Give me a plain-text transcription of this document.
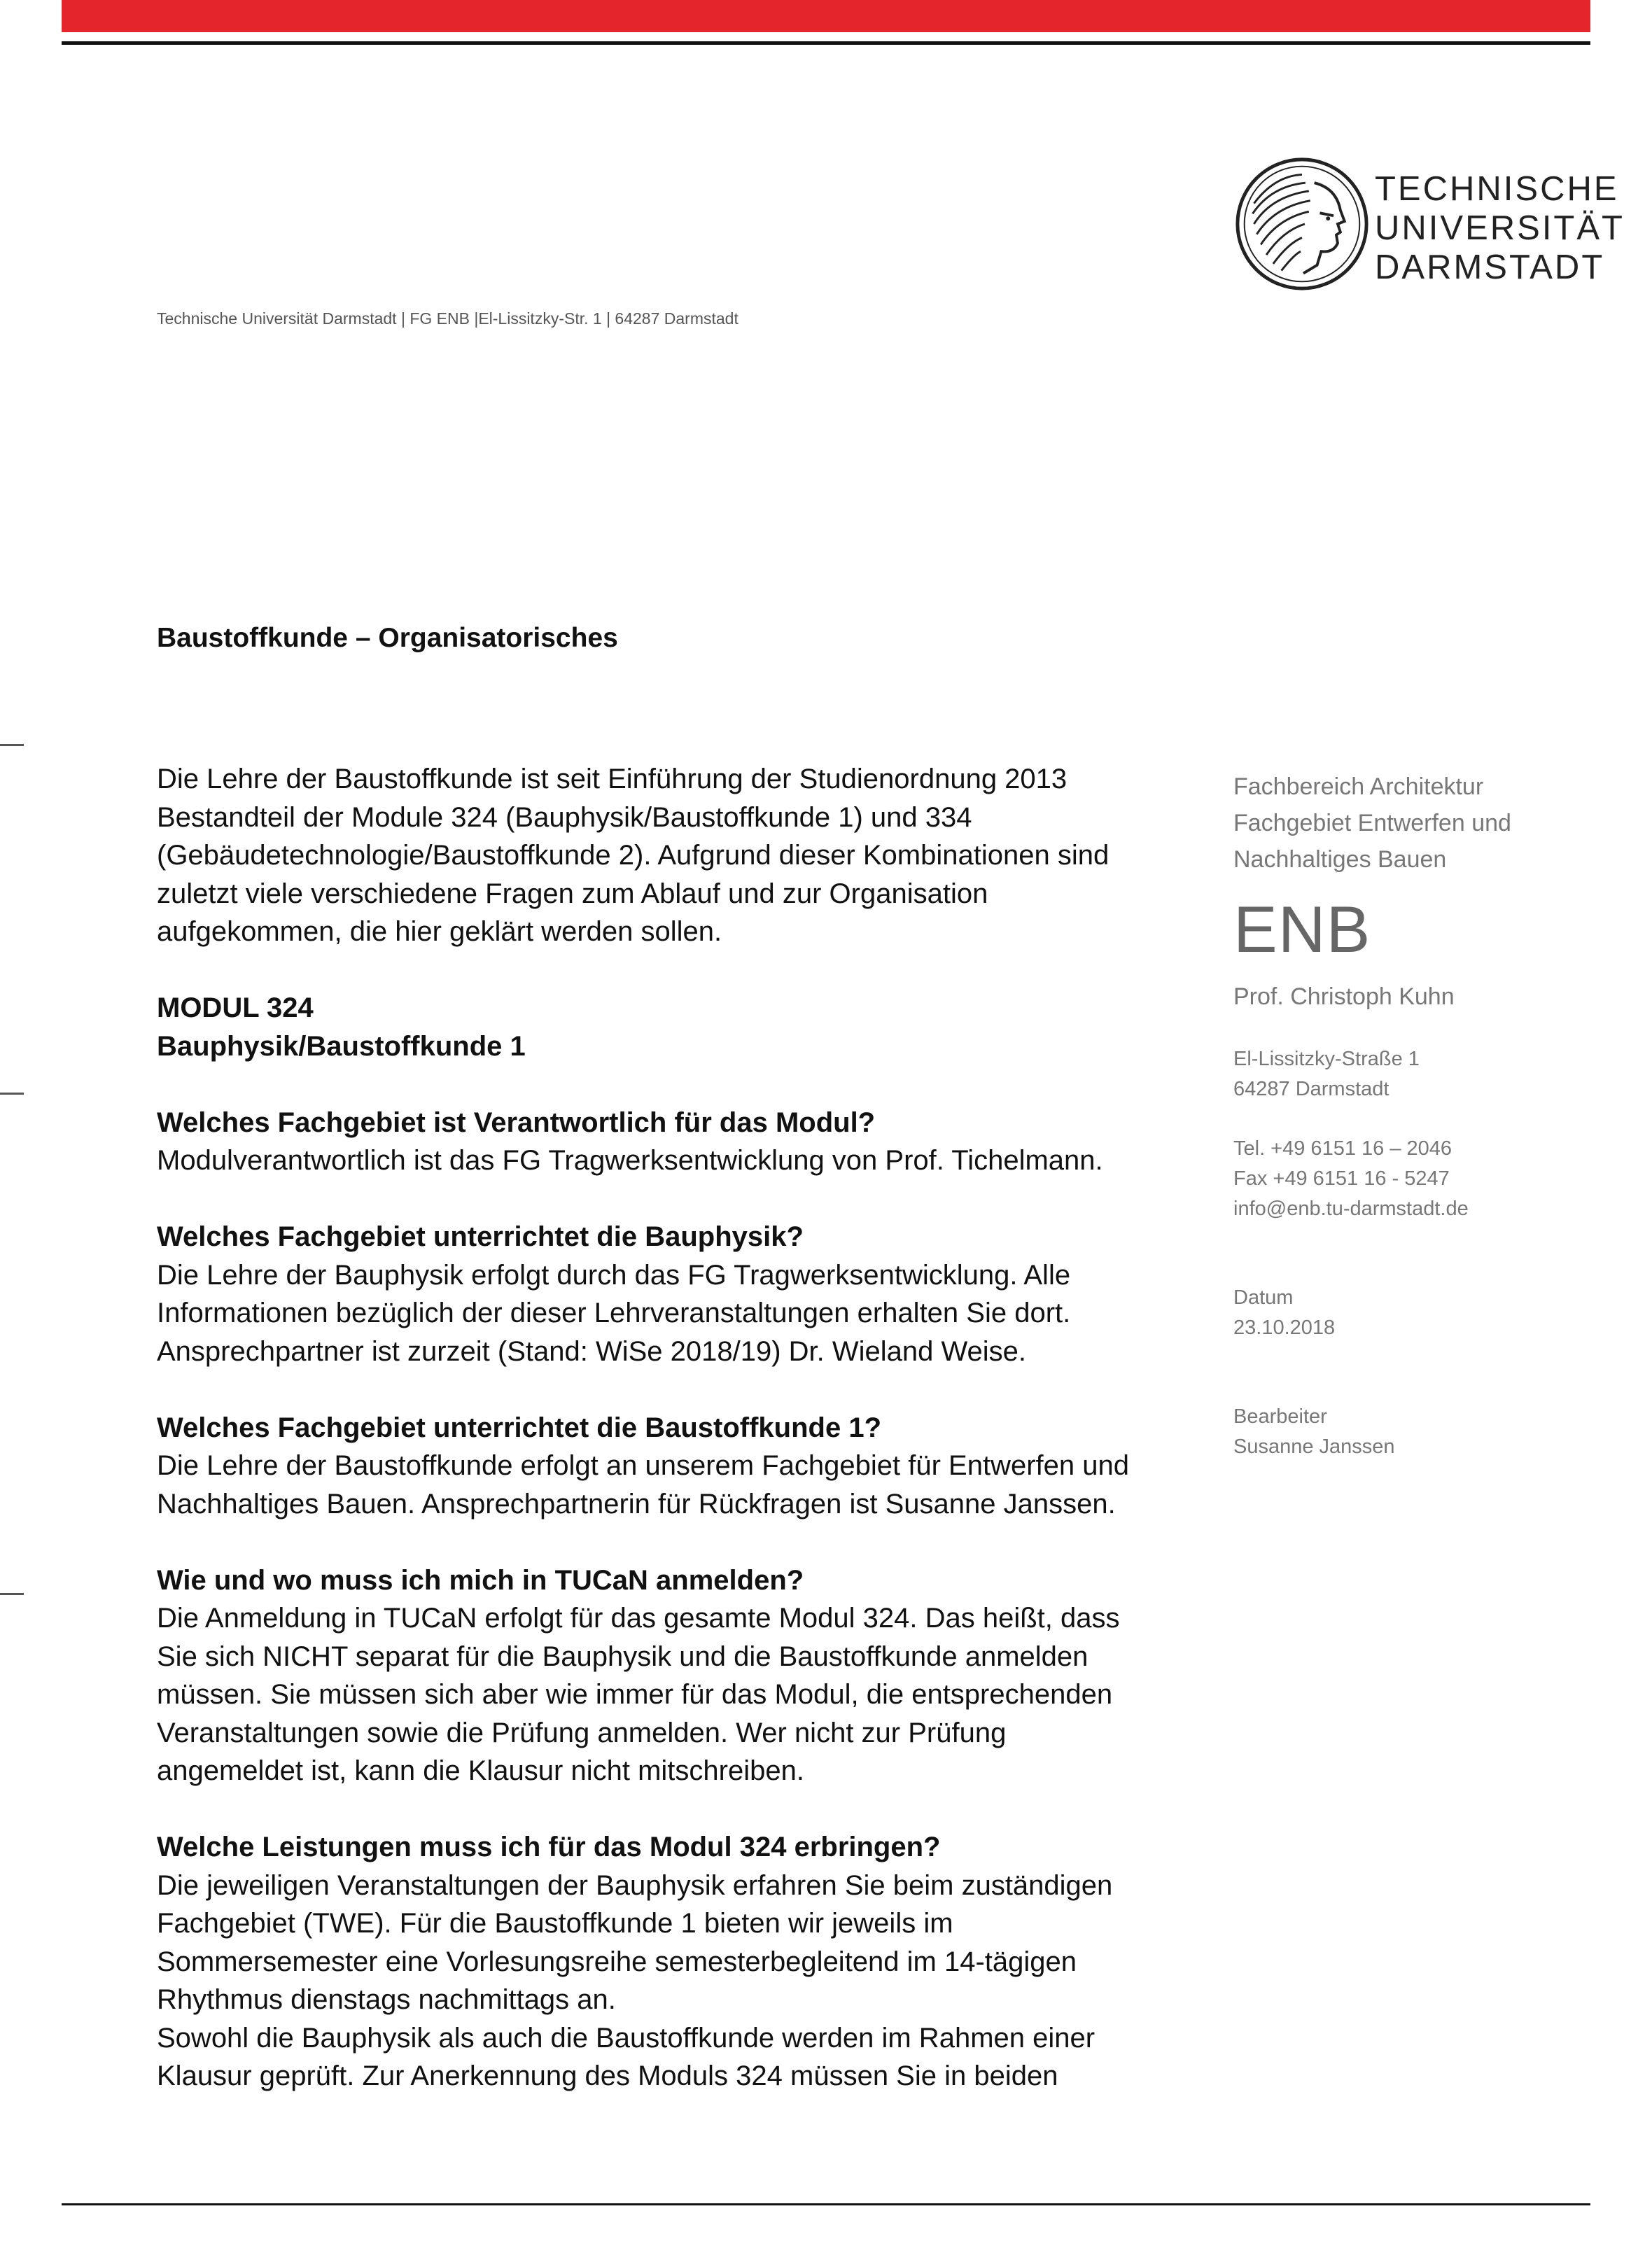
TECHNISCHE
UNIVERSITÄT
DARMSTADT
Technische Universität Darmstadt | FG ENB |El-Lissitzky-Str. 1 | 64287 Darmstadt
Baustoffkunde – Organisatorisches

Die Lehre der Baustoffkunde ist seit Einführung der Studienordnung 2013

Bestandteil der Module 324 (Bauphysik/Baustoffkunde 1) und 334

(Gebäudetechnologie/Baustoffkunde 2). Aufgrund dieser Kombinationen sind

zuletzt viele verschiedene Fragen zum Ablauf und zur Organisation

aufgekommen, die hier geklärt werden sollen.

MODUL 324

Bauphysik/Baustoffkunde 1

Welches Fachgebiet ist Verantwortlich für das Modul?

Modulverantwortlich ist das FG Tragwerksentwicklung von Prof. Tichelmann.

Welches Fachgebiet unterrichtet die Bauphysik?

Die Lehre der Bauphysik erfolgt durch das FG Tragwerksentwicklung. Alle

Informationen bezüglich der dieser Lehrveranstaltungen erhalten Sie dort.

Ansprechpartner ist zurzeit (Stand: WiSe 2018/19) Dr. Wieland Weise.

Welches Fachgebiet unterrichtet die Baustoffkunde 1?

Die Lehre der Baustoffkunde erfolgt an unserem Fachgebiet für Entwerfen und

Nachhaltiges Bauen. Ansprechpartnerin für Rückfragen ist Susanne Janssen.

Wie und wo muss ich mich in TUCaN anmelden?

Die Anmeldung in TUCaN erfolgt für das gesamte Modul 324. Das heißt, dass

Sie sich NICHT separat für die Bauphysik und die Baustoffkunde anmelden

müssen. Sie müssen sich aber wie immer für das Modul, die entsprechenden

Veranstaltungen sowie die Prüfung anmelden. Wer nicht zur Prüfung

angemeldet ist, kann die Klausur nicht mitschreiben.

Welche Leistungen muss ich für das Modul 324 erbringen?

Die jeweiligen Veranstaltungen der Bauphysik erfahren Sie beim zuständigen

Fachgebiet (TWE). Für die Baustoffkunde 1 bieten wir jeweils im

Sommersemester eine Vorlesungsreihe semesterbegleitend im 14-tägigen

Rhythmus dienstags nachmittags an.

Sowohl die Bauphysik als auch die Baustoffkunde werden im Rahmen einer

Klausur geprüft. Zur Anerkennung des Moduls 324 müssen Sie in beiden

Fachbereich Architektur
Fachgebiet Entwerfen und
Nachhaltiges Bauen
ENB
Prof. Christoph Kuhn
El-Lissitzky-Straße 1
64287 Darmstadt
Tel. +49 6151 16 – 2046
Fax +49 6151 16 - 5247
info@enb.tu-darmstadt.de
Datum
23.10.2018
Bearbeiter
Susanne Janssen
